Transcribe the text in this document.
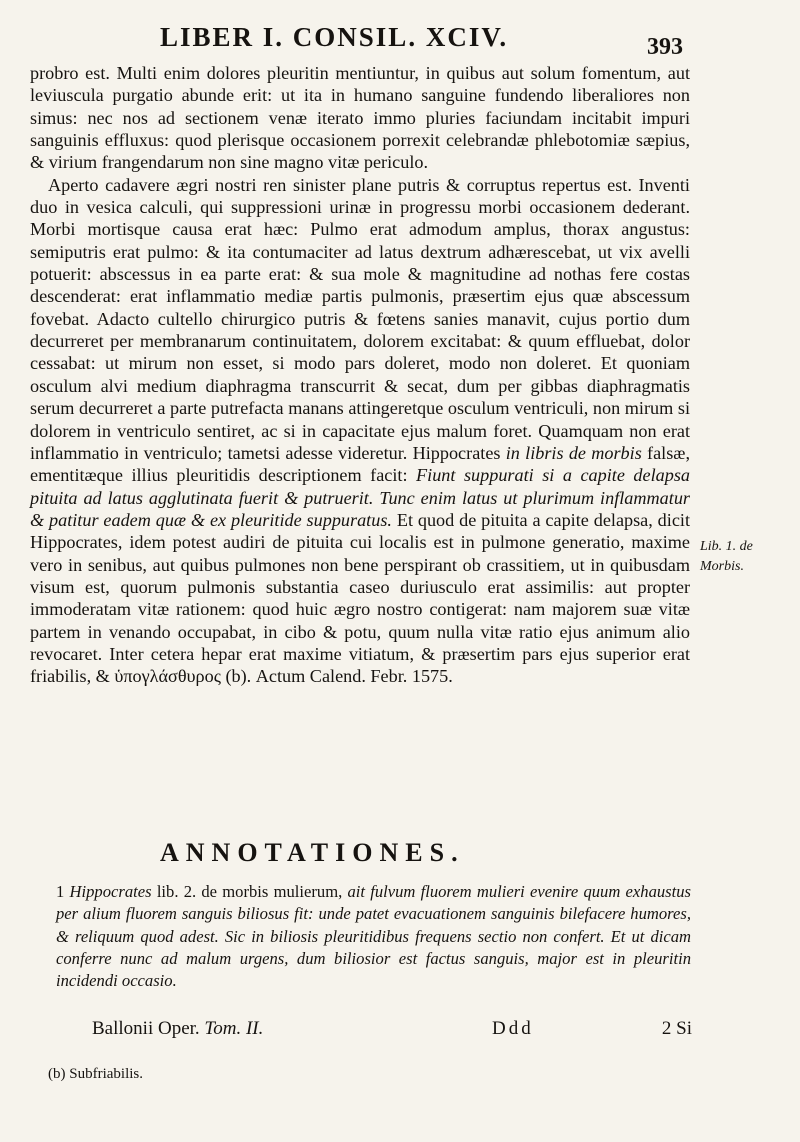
LIBER I. CONSIL. XCIV.	393

probro est. Multi enim dolores pleuritin mentiuntur, in quibus aut solum fomentum, aut leviuscula purgatio abunde erit: ut ita in humano sanguine fundendo liberaliores non simus: nec nos ad sectionem venæ iterato immo pluries faciundam incitabit impuri sanguinis effluxus: quod plerisque occasionem porrexit celebrandæ phlebotomiæ sæpius, & virium frangendarum non sine magno vitæ periculo.

Aperto cadavere ægri nostri ren sinister plane putris & corruptus repertus est. Inventi duo in vesica calculi, qui suppressioni urinæ in progressu morbi occasionem dederant. Morbi mortisque causa erat hæc: Pulmo erat admodum amplus, thorax angustus: semiputris erat pulmo: & ita contumaciter ad latus dextrum adhærescebat, ut vix avelli potuerit: abscessus in ea parte erat: & sua mole & magnitudine ad nothas fere costas descenderat: erat inflammatio mediæ partis pulmonis, præsertim ejus quæ abscessum fovebat. Adacto cultello chirurgico putris & fœtens sanies manavit, cujus portio dum decurreret per membranarum continuitatem, dolorem excitabat: & quum effluebat, dolor cessabat: ut mirum non esset, si modo pars doleret, modo non doleret. Et quoniam osculum alvi medium diaphragma transcurrit & secat, dum per gibbas diaphragmatis serum decurreret a parte putrefacta manans attingeretque osculum ventriculi, non mirum si dolorem in ventriculo sentiret, ac si in capacitate ejus malum foret. Quamquam non erat inflammatio in ventriculo; tametsi adesse videretur. Hippocrates in libris de morbis falsæ, ementitæque illius pleuritidis descriptionem facit: Fiunt suppurati si a capite delapsa pituita ad latus agglutinata fuerit & putruerit. Tunc enim latus ut plurimum inflammatur & patitur eadem quæ & ex pleuritide suppuratus. Et quod de pituita a capite delapsa, dicit Hippocrates, idem potest audiri de pituita cui localis est in pulmone generatio, maxime vero in senibus, aut quibus pulmones non bene perspirant ob crassitiem, ut in quibusdam visum est, quorum pulmonis substantia caseo duriusculo erat assimilis: aut propter immoderatam vitæ rationem: quod huic ægro nostro contigerat: nam majorem suæ vitæ partem in venando occupabat, in cibo & potu, quum nulla vitæ ratio ejus animum alio revocaret. Inter cetera hepar erat maxime vitiatum, & præsertim pars ejus superior erat friabilis, & ὑπογλάσθυρος (b). Actum Calend. Febr. 1575.

Lib. 1. de Morbis.
ANNOTATIONES.
1 Hippocrates lib. 2. de morbis mulierum, ait fulvum fluorem mulieri evenire quum exhaustus per alium fluorem sanguis biliosus fit: unde patet evacuationem sanguinis bilefacere humores, & reliquum quod adest. Sic in biliosis pleuritidibus frequens sectio non confert. Et ut dicam conferre nunc ad malum urgens, dum biliosior est factus sanguis, major est in pleuritin incidendi occasio.
Ballonii Oper. Tom. II.	Ddd	2 Si
(b) Subfriabilis.
